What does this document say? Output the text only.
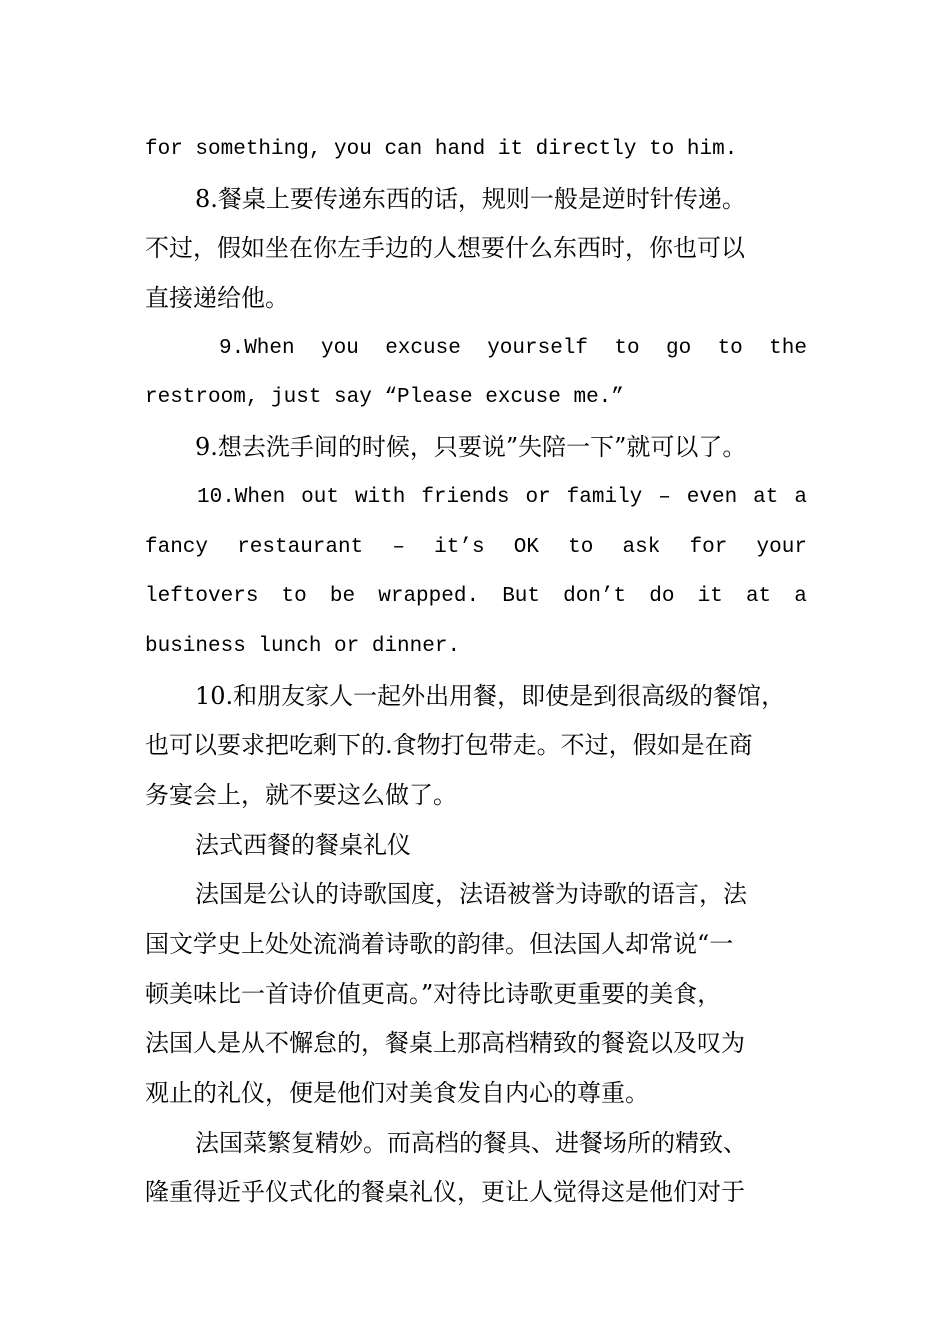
for something, you can hand it directly to him.
8.餐桌上要传递东西的话，规则一般是逆时针传递。
不过，假如坐在你左手边的人想要什么东西时，你也可以
直接递给他。
9.When you excuse yourself to go to the
restroom, just say “Please excuse me.”
9.想去洗手间的时候，只要说”失陪一下”就可以了。
10.When out with friends or family – even at a
fancy restaurant – it’s OK to ask for your
leftovers to be wrapped. But don’t do it at a
business lunch or dinner.
10.和朋友家人一起外出用餐，即使是到很高级的餐馆，
也可以要求把吃剩下的.食物打包带走。不过，假如是在商
务宴会上，就不要这么做了。
法式西餐的餐桌礼仪
法国是公认的诗歌国度，法语被誉为诗歌的语言，法
国文学史上处处流淌着诗歌的韵律。但法国人却常说“一
顿美味比一首诗价值更高。”对待比诗歌更重要的美食，
法国人是从不懈怠的，餐桌上那高档精致的餐瓷以及叹为
观止的礼仪，便是他们对美食发自内心的尊重。
法国菜繁复精妙。而高档的餐具、进餐场所的精致、
隆重得近乎仪式化的餐桌礼仪，更让人觉得这是他们对于
